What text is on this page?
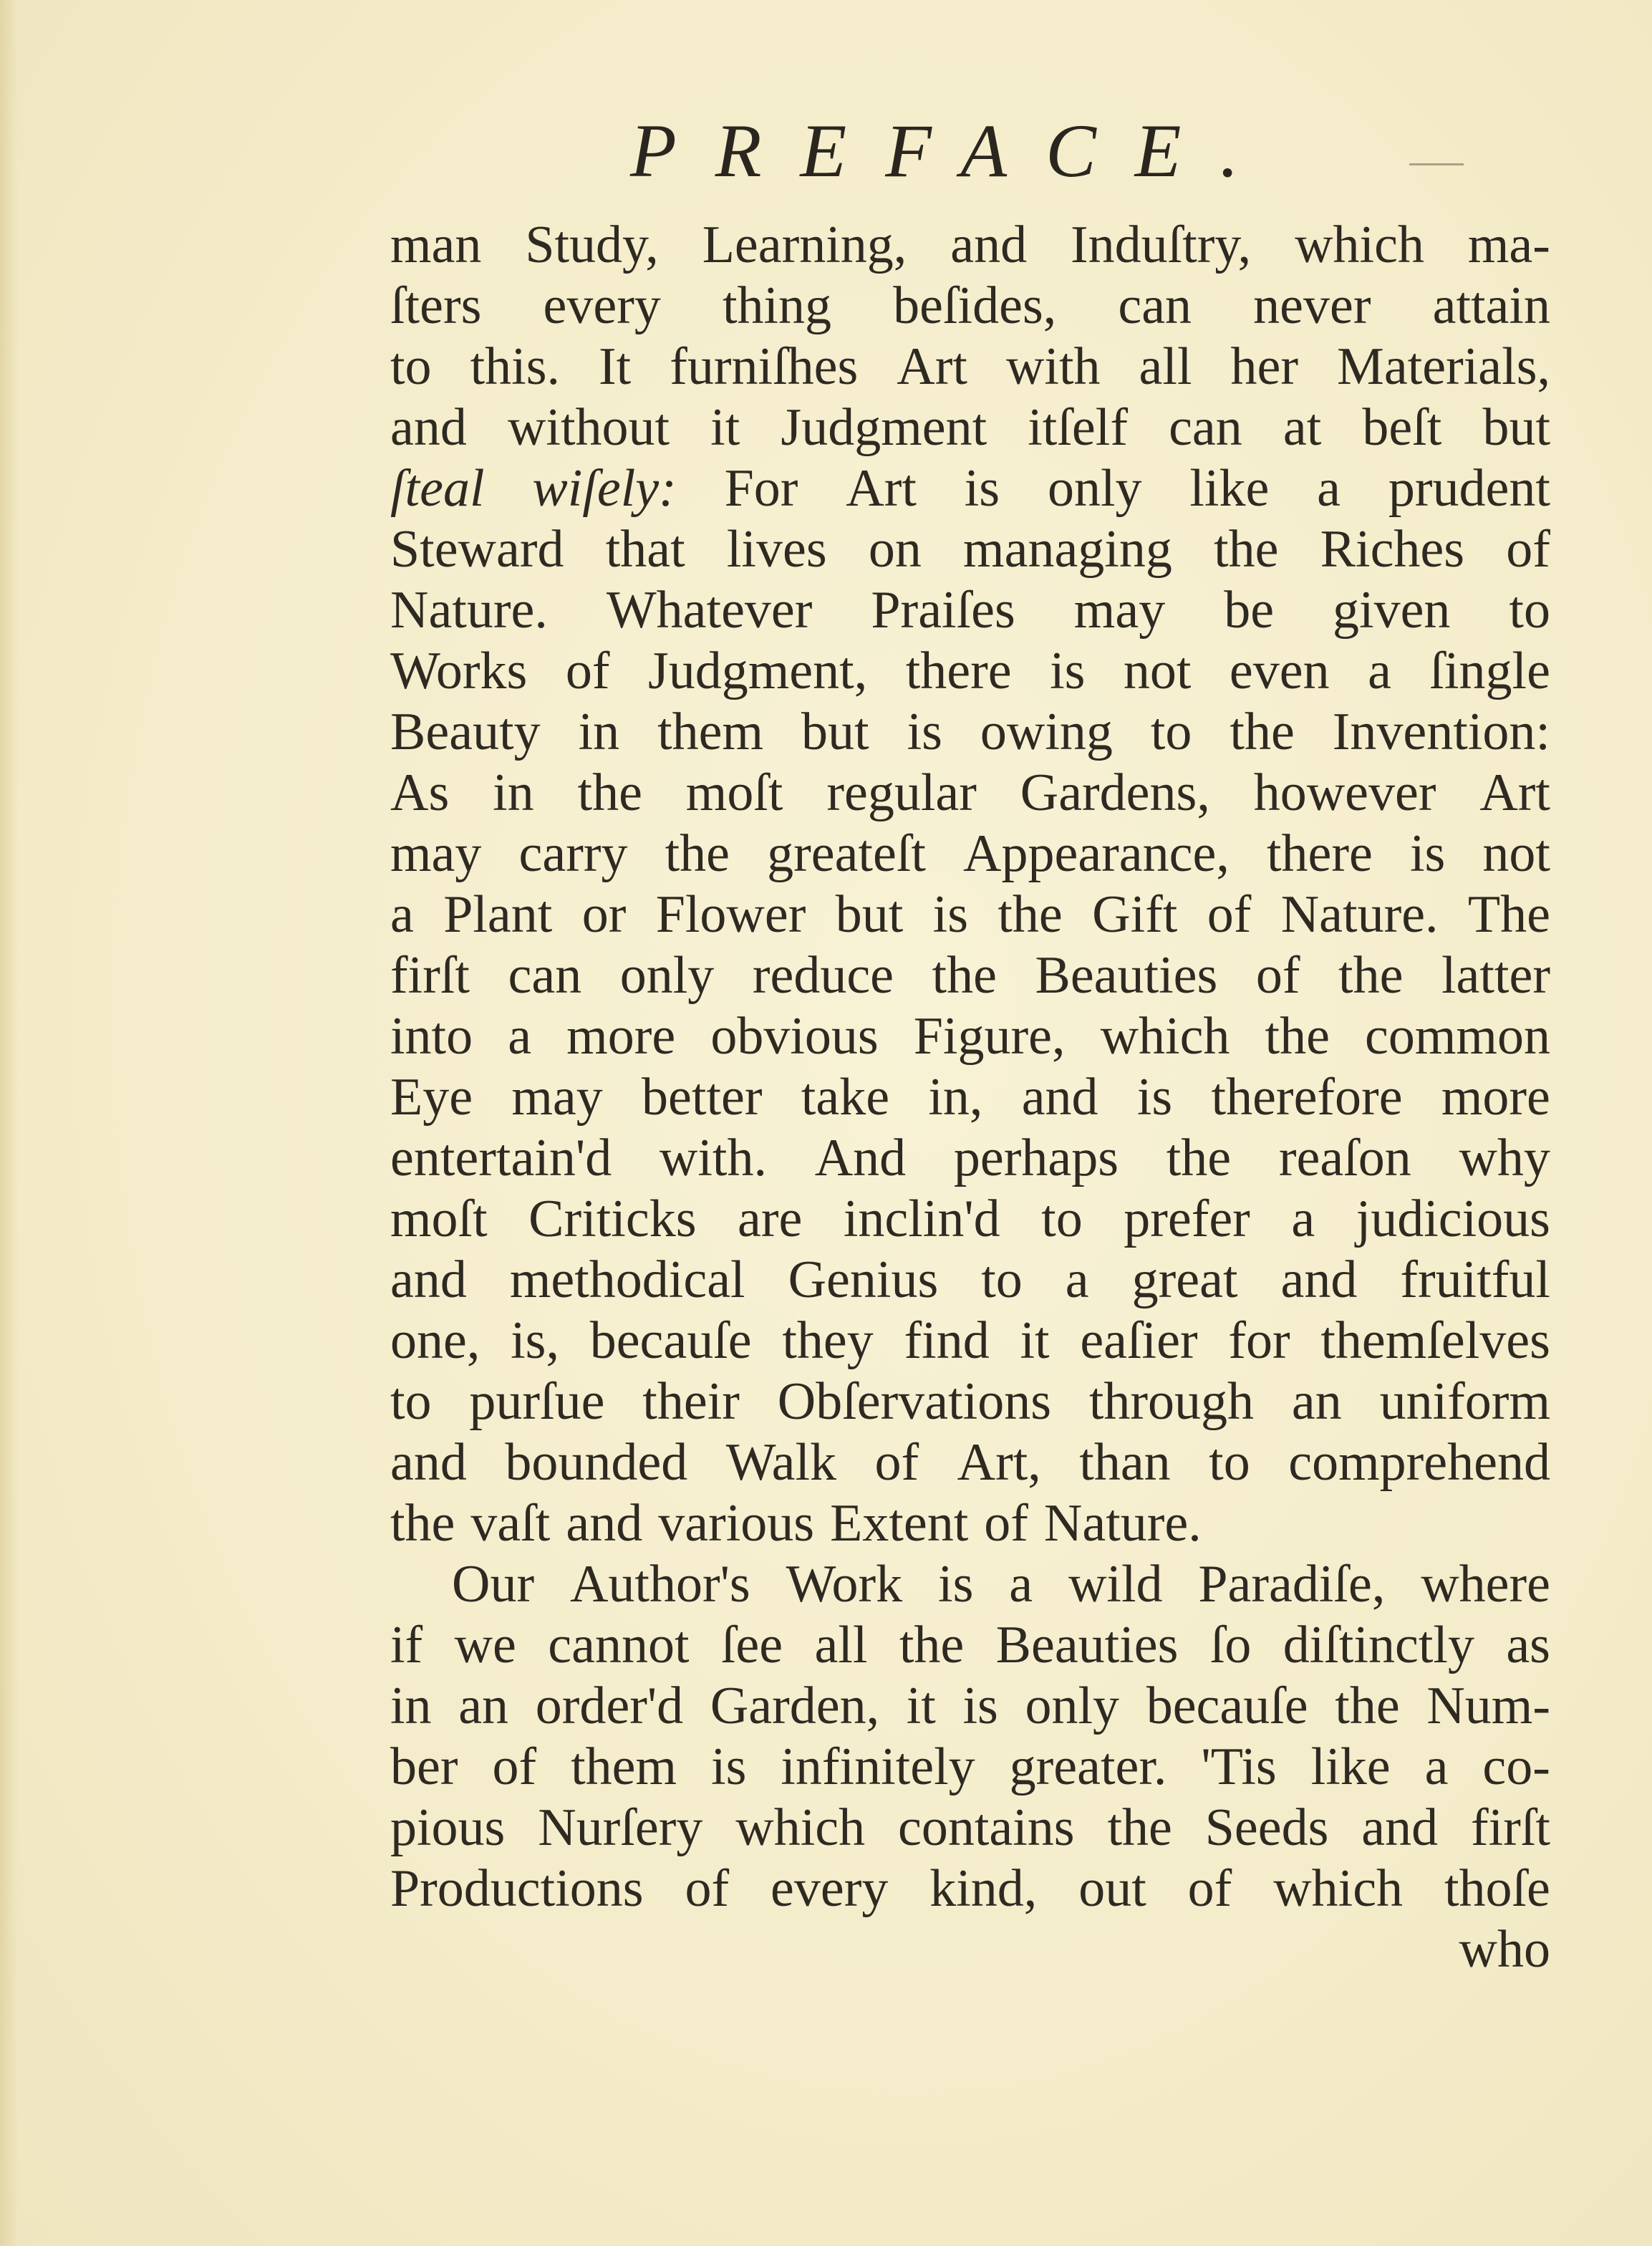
PREFACE.
man Study, Learning, and Induſtry, which ma-
ſters every thing beſides, can never attain
to this. It furniſhes Art with all her Materials,
and without it Judgment itſelf can at beſt but
ſteal wiſely: For Art is only like a prudent
Steward that lives on managing the Riches of
Nature. Whatever Praiſes may be given to
Works of Judgment, there is not even a ſingle
Beauty in them but is owing to the Invention:
As in the moſt regular Gardens, however Art
may carry the greateſt Appearance, there is not
a Plant or Flower but is the Gift of Nature. The
firſt can only reduce the Beauties of the latter
into a more obvious Figure, which the common
Eye may better take in, and is therefore more
entertain'd with. And perhaps the reaſon why
moſt Criticks are inclin'd to prefer a judicious
and methodical Genius to a great and fruitful
one, is, becauſe they find it eaſier for themſelves
to purſue their Obſervations through an uniform
and bounded Walk of Art, than to comprehend
the vaſt and various Extent of Nature.
Our Author's Work is a wild Paradiſe, where
if we cannot ſee all the Beauties ſo diſtinctly as
in an order'd Garden, it is only becauſe the Num-
ber of them is infinitely greater. 'Tis like a co-
pious Nurſery which contains the Seeds and firſt
Productions of every kind, out of which thoſe
who
